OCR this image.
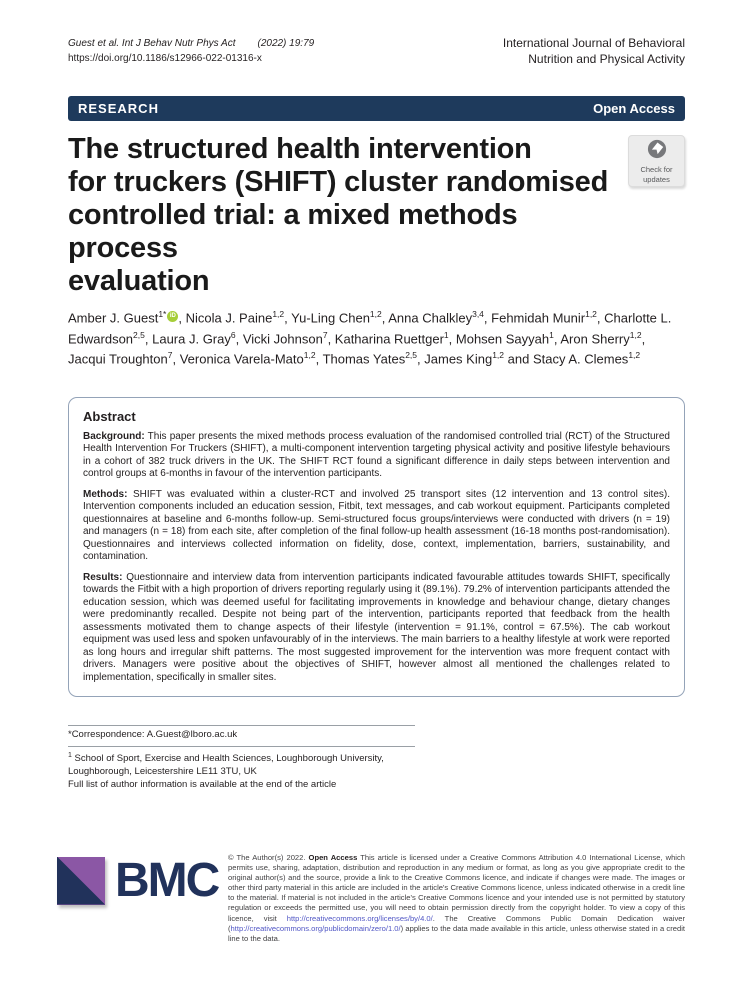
Guest et al. Int J Behav Nutr Phys Act (2022) 19:79
https://doi.org/10.1186/s12966-022-01316-x
International Journal of Behavioral
Nutrition and Physical Activity
RESEARCH	Open Access
The structured health intervention
for truckers (SHIFT) cluster randomised
controlled trial: a mixed methods process
evaluation
Check for
updates
Amber J. Guest$^{1*}$ iD , Nicola J. Paine$^{1,2}$, Yu-Ling Chen$^{1,2}$, Anna Chalkley$^{3,4}$, Fehmidah Munir$^{1,2}$, Charlotte L. Edwardson$^{2,5}$, Laura J. Gray$^6$, Vicki Johnson$^7$, Katharina Ruettger$^1$, Mohsen Sayyah$^1$, Aron Sherry$^{1,2}$, Jacqui Troughton$^7$, Veronica Varela-Mato$^{1,2}$, Thomas Yates$^{2,5}$, James King$^{1,2}$ and Stacy A. Clemes$^{1,2}$
Abstract

Background: This paper presents the mixed methods process evaluation of the randomised controlled trial (RCT) of the Structured Health Intervention For Truckers (SHIFT), a multi-component intervention targeting physical activity and positive lifestyle behaviours in a cohort of 382 truck drivers in the UK. The SHIFT RCT found a significant difference in daily steps between intervention and control groups at 6-months in favour of the intervention participants.

Methods: SHIFT was evaluated within a cluster-RCT and involved 25 transport sites (12 intervention and 13 control sites). Intervention components included an education session, Fitbit, text messages, and cab workout equipment. Participants completed questionnaires at baseline and 6-months follow-up. Semi-structured focus groups/interviews were conducted with drivers (n = 19) and managers (n = 18) from each site, after completion of the final follow-up health assessment (16-18 months post-randomisation). Questionnaires and interviews collected information on fidelity, dose, context, implementation, barriers, sustainability, and contamination.

Results: Questionnaire and interview data from intervention participants indicated favourable attitudes towards SHIFT, specifically towards the Fitbit with a high proportion of drivers reporting regularly using it (89.1%). 79.2% of intervention participants attended the education session, which was deemed useful for facilitating improvements in knowledge and behaviour change, dietary changes were predominantly recalled. Despite not being part of the intervention, participants reported that feedback from the health assessments motivated them to change aspects of their lifestyle (intervention = 91.1%, control = 67.5%). The cab workout equipment was used less and spoken unfavourably of in the interviews. The main barriers to a healthy lifestyle at work were reported as long hours and irregular shift patterns. The most suggested improvement for the intervention was more frequent contact with drivers. Managers were positive about the objectives of SHIFT, however almost all mentioned the challenges related to implementation, specifically in smaller sites.

*Correspondence: A.Guest@lboro.ac.uk
$^1$ School of Sport, Exercise and Health Sciences, Loughborough University, Loughborough, Leicestershire LE11 3TU, UK
Full list of author information is available at the end of the article
BMC © The Author(s) 2022. Open Access This article is licensed under a Creative Commons Attribution 4.0 International License, which permits use, sharing, adaptation, distribution and reproduction in any medium or format, as long as you give appropriate credit to the original author(s) and the source, provide a link to the Creative Commons licence, and indicate if changes were made. The images or other third party material in this article are included in the article's Creative Commons licence, unless indicated otherwise in a credit line to the material. If material is not included in the article's Creative Commons licence and your intended use is not permitted by statutory regulation or exceeds the permitted use, you will need to obtain permission directly from the copyright holder. To view a copy of this licence, visit http://creativecommons.org/licenses/by/4.0/. The Creative Commons Public Domain Dedication waiver (http://creativecommons.org/publicdomain/zero/1.0/) applies to the data made available in this article, unless otherwise stated in a credit line to the data.
